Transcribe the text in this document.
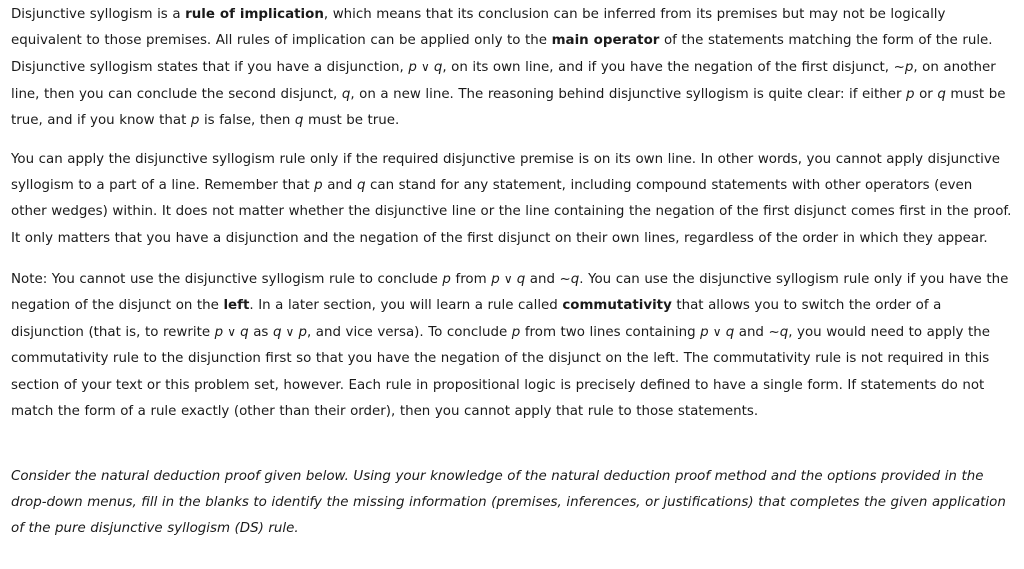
Disjunctive syllogism is a rule of implication, which means that its conclusion can be inferred from its premises but may not be logically equivalent to those premises. All rules of implication can be applied only to the main operator of the statements matching the form of the rule. Disjunctive syllogism states that if you have a disjunction, p ∨ q, on its own line, and if you have the negation of the first disjunct, ~p, on another line, then you can conclude the second disjunct, q, on a new line. The reasoning behind disjunctive syllogism is quite clear: if either p or q must be true, and if you know that p is false, then q must be true.

You can apply the disjunctive syllogism rule only if the required disjunctive premise is on its own line. In other words, you cannot apply disjunctive syllogism to a part of a line. Remember that p and q can stand for any statement, including compound statements with other operators (even other wedges) within. It does not matter whether the disjunctive line or the line containing the negation of the first disjunct comes first in the proof. It only matters that you have a disjunction and the negation of the first disjunct on their own lines, regardless of the order in which they appear.

Note: You cannot use the disjunctive syllogism rule to conclude p from p ∨ q and ~q. You can use the disjunctive syllogism rule only if you have the negation of the disjunct on the left. In a later section, you will learn a rule called commutativity that allows you to switch the order of a disjunction (that is, to rewrite p ∨ q as q ∨ p, and vice versa). To conclude p from two lines containing p ∨ q and ~q, you would need to apply the commutativity rule to the disjunction first so that you have the negation of the disjunct on the left. The commutativity rule is not required in this section of your text or this problem set, however. Each rule in propositional logic is precisely defined to have a single form. If statements do not match the form of a rule exactly (other than their order), then you cannot apply that rule to those statements.

Consider the natural deduction proof given below. Using your knowledge of the natural deduction proof method and the options provided in the drop-down menus, fill in the blanks to identify the missing information (premises, inferences, or justifications) that completes the given application of the pure disjunctive syllogism (DS) rule.
